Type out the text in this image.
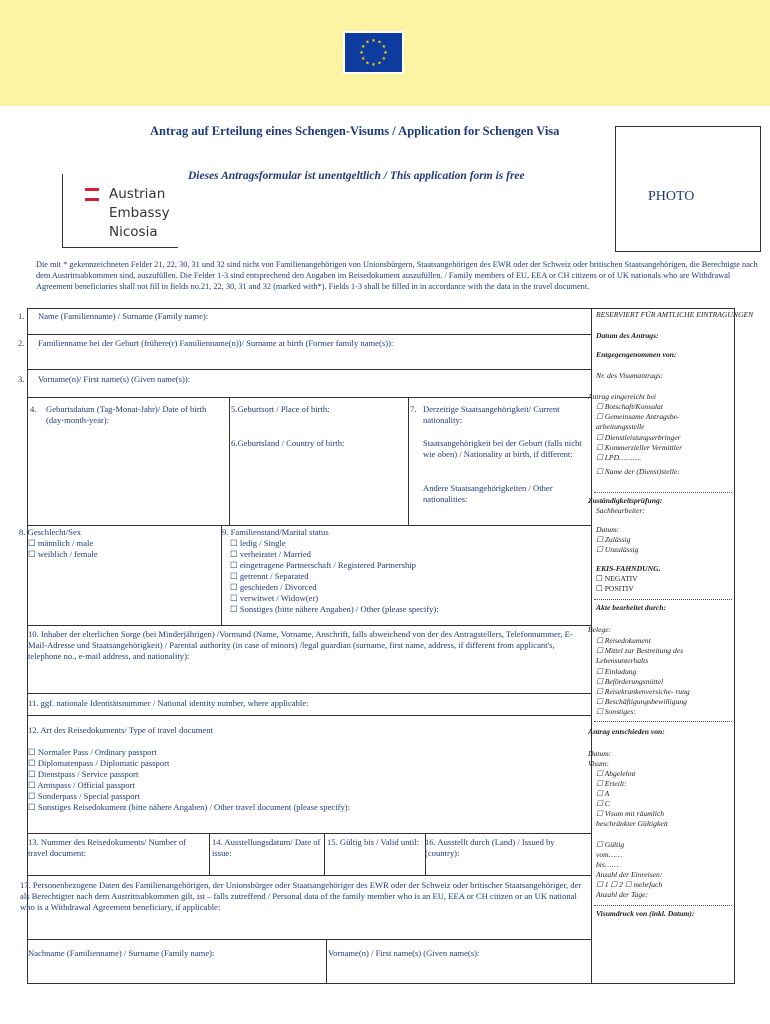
★ ★
★
★
★
★
★
★
★
★
★
★
Antrag auf Erteilung eines Schengen-Visums / Application for Schengen Visa
Dieses Antragsformular ist unentgeltlich / This application form is free
Austrian
Embassy
Nicosia
PHOTO
Die mit * gekennzeichneten Felder 21, 22, 30, 31 und 32 sind nicht von Familienangehörigen von Unionsbürgern, Staatsangehörigen des EWR oder der Schweiz oder britischen Staatsangehörigen, die Berechtigte nach dem Austrittsabkommen sind, auszufüllen. Die Felder 1-3 sind entsprechend den Angaben im Reisedokument auszufüllen. / Family members of EU, EEA or CH citizens or of UK nationals who are Withdrawal Agreement beneficiaries shall not fill in fields no.21, 22, 30, 31 and 32 (marked with*). Fields 1-3 shall be filled in in accordance with the data in the travel document.
1.
2.
3.
Name (Familienname) / Surname (Family name):
Familienname bei der Geburt (frühere(r) Familienname(n))/ Surname at birth (Former family name(s)):
Vorname(n)/ First name(s) (Given name(s)):
4. Geburtsdatum (Tag-Monat-Jahr)/ Date of birth (day-month-year):
5.Geburtsort / Place of birth:
6.Geburtsland / Country of birth:
7. Derzeitige Staatsangehörigkeit/ Current nationality:
Staatsangehörigkeit bei der Geburt (falls nicht wie oben) / Nationality at birth, if different:
Andere Staatsangehörigkeiten / Other nationalities:
8. Geschlecht/Sex
☐ männlich / male
☐ weiblich / female
9. Familienstand/Marital status
☐ ledig / Single
☐ verheiratet / Married
☐ eingetragene Partnerschaft / Registered Partnership
☐ getrennt / Separated
☐ geschieden / Divorced
☐ verwitwet / Widow(er)
☐ Sonstiges (bitte nähere Angaben) / Other (please specify):
10. Inhaber der elterlichen Sorge (bei Minderjährigen) /Vormund (Name, Vorname, Anschrift, falls abweichend von der des Antragstellers, Telefonnummer, E-Mail-Adresse und Staatsangehörigkeit) / Parental authority (in case of minors) /legal guardian (surname, first name, address, if different from applicant's, telephone no., e-mail address, and nationality):
11. ggf. nationale Identitätsnummer / National identity number, where applicable:
12. Art des Reisedokuments/ Type of travel document
☐ Normaler Pass / Ordinary passport
☐ Diplomatenpass / Diplomatic passport
☐ Dienstpass / Service passport
☐ Amtspass / Official passport
☐ Sonderpass / Special passport
☐ Sonstiges Reisedokument (bitte nähere Angaben) / Other travel document (please specify):
13. Nummer des Reisedokuments/ Number of travel document:
14. Ausstellungsdatum/ Date of issue:
15. Gültig bis / Valid until: 16. Ausstellt durch (Land) / Issued by (country):
17. Personenbezogene Daten des Familienangehörigen, der Unionsbürger oder Staatsangehöriger des EWR oder der Schweiz oder britischer Staatsangehöriger, der als Berechtigter nach dem Austrittsabkommen gilt, ist – falls zutreffend / Personal data of the family member who is an EU, EEA or CH citizen or an UK national who is a Withdrawal Agreement beneficiary, if applicable:
Nachname (Familienname) / Surname (Family name):	Vorname(n) / First name(s) (Given name(s):
RESERVIERT FÜR AMTLICHE EINTRAGUNGEN
Datum des Antrags:
Entgegengenommen von:
Nr. des Visumantrags:
Antrag eingereicht bei
☐ Botschaft/Konsulat
☐ Gemeinsame Antragsbe-
arbeitungsstelle
☐ Dienstleistungserbringer
☐ Kommerzieller Vermittler
☐ LPD……….
☐ Name der (Dienst)stelle:
Zuständigkeitsprüfung:
Sachbearbeiter:
Datum:
☐ Zulässig
☐ Unzulässig
EKIS-FAHNDUNG.
☐ NEGATIV
☐ POSITIV
Akte bearbeitet durch:
Belege:
☐ Reisedokument
☐ Mittel zur Bestreitung des
Lebensunterhalts
☐ Einladung
☐ Beförderungsmittel
☐ Reisekrankenversiche- rung
☐ Beschäftigungsbewilligung
☐ Sonstiges:
Antrag entschieden von:
Datum:
Visum:
☐ Abgelehnt
☐ Erteilt:
☐ A
☐ C
☐ Visum mit räumlich
beschränkter Gültigkeit
☐ Gültig
vom……
bis……
Anzahl der Einreisen:
☐ 1 ☐ 2 ☐ mehrfach
Anzahl der Tage:
Visumdruck von (inkl. Datum):
